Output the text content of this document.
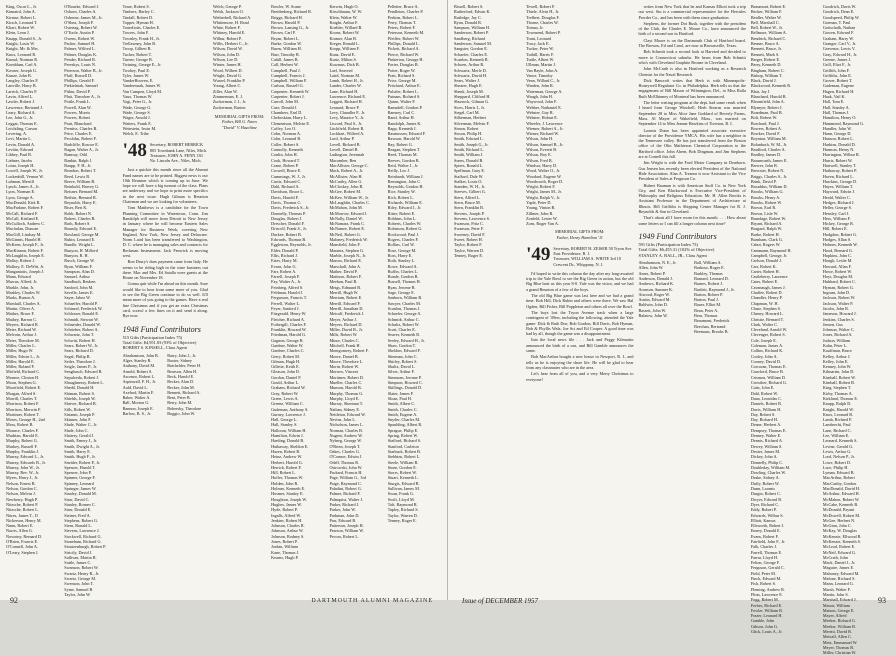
King, Oscar L., Jr.
Kinnaird, John A.
Kirmse, Robert L.
Kirsch, Leonard T.
Kliart, Robert W.
Klein, Leon J.
Knapp, Donald S., Jr.
Knight, Louis W.
Knight, Mr. & Mrs.
Knox, Leonard R.
Knoud, Norman R.
Kornblum, Carl A.
Kovner, Joseph G.
Kunze, John B.
Langley, Charles F.
Lanville, Harry B.
Larrick, Charles F.
Lavin, Alfred L.
Lawler, Robert J.
Lawrence, Bertrand J.
Leary, Richard A.
Lee, John G., Jr.
Leggat, Thomas E.
Leichtling, Carson
Levering, A.
Levi, Martin L.
Levin, Donald A.
Levitin, Edward
Libbey, Paul B.
Liebner, Jacobs
Lotan, Joseph H.
Lowell, Joseph W., Jr.
Luckenbill, Vernon W.
Luhman, Merrill
Lynch, James A., Jr.
Lyon, Norman E.
Lyon, George A.
MacDonald, Kirk R.
MacFarlane, Robert F.
McCall, Richard F.
McCall, Kirtland E.
McCulloch, Andrew C.
Macfarlan, Duncan
MacGill, Lindsay M.
McGinnis, Harold H.
McKeen, Joseph F., Jr.
MacKinnon, Robert F.
McLaughlin, Joseph E.
Malloy, Robert J.
Mallory, E. DeWitt, Jr.
Manganiotis, Joseph J.
Mann, Edward
Marcus, Alfred, Jr.
Markle, John, Jr.
Markley, Charles W.
Marks, Burton A.
Marshall, Charles A.
Martin, Oliver A.
Mathes, Bruce F.
Mathey, Barron C.
Meyers, Richard R.
Meier, Richard W.
Melvoin, Arthur J.
Meter, Theodore M.
Miller, Charles L.
Miller, Hugo W.
Miller, Edwin L., Jr.
Miller, Harold E.
Miller, Roland F.
Mirfield, Richard C.
Monroe, Clinton H.
Moon, Stephen G.
Moorfield, Robert E.
Morgan, Alfred S.
Morrill, Charles T.
Morrison, Robert F.
Morrison, Merwin F.
Mortimer, Robert T.
Moses, George H., 2nd
Moss, Robert B.
Mounce, Charles F.
Mudrian, Harold E.
Murphy, Robert G.
Murkey, Russell F.
Murphy, Franklin J.
Murray, Edward L., Jr.
Murray, Edwards B., Jr.
Murray, John W., Jr.
Murray, Rev. W., Jr.
Myers, Harry J., Jr.
Nelson, Ernest B.
Nelson, Gordon C.
Nelson, Melvin J.
Newberry, Hugh P.
Nitzsche, Robert P.
Nitzsche, Robert L.
Nitres, James T., II
Nickerson, Henry M.
Nunn, Robert E.
Norris, Allen G.
Nowotny, Bernard D.
O'Brien, Francis E.
O'Connell, John A.
O'Leary, Stephen J.
O'Rourke, Edward J.
Osborn, Charles A.
Osborne, James M., Jr.
O'Shea, Joseph F.
Ostertag, Robert W.
O'Toole, Austin P.
Owens, Robert W.
Packer, Samuel H.
Palmer, Wilfred L.
Palmer, Douglas K.
Pender, Richard R.
Pereskys, Louis N.
Peterson, Walter B., Jr.
Pfaff, Russell D.
Phillips, Gerald F.
Piekielniak, Samuel
Pitkin, David P.
Platt, Theodore A., Jr.
Pottle, Frank L.
Powell, Alan W.
Powers, Morris
Powers, Robert
Pratt, Blanchard
Prentiss, Charles B.
Price, Charles E.
Pecoldas, Robert F.
Radcliffe, Roscoe E.
Ragan, Walter A., Jr.
Ramsay, Odd
Rankin, Ralph J.
Raupp, F. H., Jr.
Reardon, Robert T.
Reed, Lewis B.
Reeve, William B.
Reinhold, Harvey G.
Reisner, Bernard M.
Reifsin, Bernard R.
Reynolds, Harry E.
Riser, Bert K.
Robb, Robert N.
Robert, Charles B.
Roth, Robert S.
Roundy, Edward E.
Rowland, George M.
Rubin, Leonard E.
Rundle, Wright L.
Runyon, H. Milford
Runyon, R. H.
Rusch, George W.
Ryan, William F.
Sampson, Alan D.
Samuel, Arthur
Sandbach, Reuben
Sanford, John M.
Savelle, James E.
Sayer, Jabez W.
Schaeffer, Harold P.
Schinzel, Frederick W.
Schlosser, Ronald E.
Schmidt, Stewart W.
Schneider, Donald W.
Schrieber, Robert A.
Schwartz, John T.
Schwitt, Robert H.
Sears, Robert W., Jr.
Sears, Richard D.
Segal, Philip B.
Seiler, Theodore J.
Seigle, James P., Jr.
Sengbusch, Edward B.
Sepulveda, Robert J.
Shaughnessy, Robert L.
Shedd, Donald H.
Shiman, Robert S.
Shields, Joseph W.
Shriver, Richard B.
Sills, Robert W.
Sirianni, Joseph P.
Skinner, John F.
Slade, Walter C., Jr.
Slade, John C.
Slattery, Gerald J.
Smith, Emery J., Jr.
Smith, Dwight A., Jr.
Smith, Harry E.
Smith, Hugh F., Jr.
Sneider, Robert P., Jr.
Spencer, Harold T.
Spencer, John P.
Spinner, George F.
Spinney, Leonard
Springer, James W.
Stanley, Donald M.
Starr, David C.
Stanley, Romeo C.
Starr, Donald E.
Steiner, Fred A.
Stephens, Robert G.
Stern, Ronald L.
Stevens, Lawrence J.
Stockwell, Richard G.
Stoneham, Richard G.
Stoutzenburgh, Robert P.
Strictly, David J.
Sullivan, Martin B.
Suttle, James C.
Swanson, Robert W.
Swartz, Henry R., Jr.
Swartz, George M.
Swenson, John T.
Syme, Samuel B.
Taylor, John W.
Teare, Robert S.
Timbers, Harley C.
Tindall, Robert D.
Topper, Hyman H.
Toureliotis, Charles E.
Towers, John F.
Townley, Frank H., Jr.
Trellawney, John B.
Troop, Gilbert B.
Tucker, Robert T.
Turner, George B.
Twining, George E., Jr.
Twohey, Paul E.
Tyler, James W.
VanderHooven, E.
Vandermark, James W.
Van Campen, Lloyd M.
Vaux, Thomas W.
Vogt, Peter G., Jr.
Wade, George G.
Wade, George S.
Wager, Arnold J.
Watters, Frank E.
Weinstein, Irwin M.
Welch, E. Trihe
'48 Secretary, ROBERT HERRICK 805 Townbank Lane, Niles, Mich.
Treasurer, JOHN A. FENN 130 No. Lincoln Ave., Niles, Mich.

Just a quickie this month since all the Alumni Fund names are to be printed. Biggest news is our 10th Reunion which is coming up in June. We hope we will have a big turnout of the class. Plans are underway and we hope to print more specifics in the next issue. Hugh Gilman is Reunion Chairman and we are looking for volunteers.

Tom Matthews is a candidate for the Town Planning Committee in Watertown, Conn. Jim Randolph will move from Detroit to New Jersey in January where he will become Eastern Sales Manager for Business Week, covering New England, New York, New Jersey and Delaware. Norm Laird has been transferred to Washington, D. C. where he is managing sales and contracts for Beckman Instruments. Jack Fenwick is moving west.

Ron Drury's dues payment came from Italy. He seems to be riding high in the wine business out there. Mac and Mrs. Ed Satalla were guests at the House on November 18.

Gonna quit while I'm ahead on this month. Sure would like to hear from some more of you. Glad to see the Big Green continue to do so well. It'll mean more of you going to the games. Have a real fine Christmas and if you get an extra Christmas card, scrawl a few lines on it and send it along. Bye now.

1948 Fund Contributors
515 Gifts (Participation Index 75)
Total Gifts: $4,951.83 (93% of Objective)
ROBERT S. KINSELL, Class Agent
Abrahamson, John B.
Alger, Stanley R.
Anthony, David M.
Arnold, Robert S.
Ascenzo, Robert L.
Aspinwall, F. H., Jr.
Auld, David L.
Axelrod, Martin F.
Baker, Walter A.
Ball, Morton G.
Bannon, Joseph E.
Barlow, B. S., Jr.
Barry, John J., Jr.
Baxter, Sidney
Batchelder, Peter H.
Bearson, Allen H.
Beck, Harold E.
Becker, Alan D.
Becker, John M.
Bennett, Richard A.
Bent, Peter B.
Berry, John M.
Bobersky, Theodore
Boggio, John W.
Welch, George P.
Welsh, Jackson O.
Wetherbell, Richard A.
Whittemore, H. Read
White, Robert F.
Whitney, Harold E.
Wilbur, Robert P.
Willis, Herbert C., Jr.
Wilson, David W.
Wilson, John D.
Wilson, Lee D.
Winter, James H.
Wood, Wilbert D.
Wright, David G.
Wurzel, Franklin P.
Young, Albert C.
Ziller, Alan W.
Zimmerman, E. J.
Zuckerman, J. J., Jr.
Zuckerman, Barton
MEMORIAL GIFTS FROM:
Father, Bill G. Nares
"David" V. Hazeltine
Bowler, W. Scane
Breidenberg, Richard R.
Briggs, Richard H.
Brown, Harold P.
Brown, Lansing G., Jr.
Brown, Carl F.
Bryan, Robert L.
Burke, Gordon W.
Burns, William H.
Burr, Timothy R.
Cahill, James B.
Call, Herbert W.
Campbell, Paul J.
Campbell, Francis J.
Campbell, William F.
Carlson, Russell G.
Carpenter, Kenneth W.
Carpenter, Robert J.
Carroll, John M.
Case, Donald J.
Chambers, Earl D.
Cheboskian, Harry L.
Clementson, Melvin E.
Coffey, Leo O.
Cohn, Norman A.
Cohn, Leonard B.
Coller, Robert S.
Connolly, Kenneth
Conlin, John H.
Cook, Howard T.
Crane, Robert P.
Crowell, Bruce E.
Cummings, W. J., Jr.
Curtis, Edward C.
Dahl, Richard A.
Davidson, Bruce L.
Davis, Harold F.
Davis, Thomas C.
Davis, Frederick S., Jr.
Donnelly, Thomas P.
Douglas, Robert J.
Drescher, Donald F.
Driscoll, Frank S., Jr.
Durkee, Robert B.
Edwards, Thomas B.
Eggleston, Reynolds, Jr.
Elder, Donald P.
Ellis, Richard J.
Estes, Harry M.
Evans, John G.
Farr, Robert A.
Farrell, Joseph F.
Fay, Walter A., Jr.
Feinberg, Alfred S.
Feldman, Harold J.
Fergusson, Francis T.
Ferrell, Walter L.
Feyer, Sanford J.
Fitzgerald, Henry W.
Fletcher, Richard A.
Fothergill, Charles F.
Franklin, Howard W.
Friedman, Harold G.
Gagnon, George B.
Gardner, Walter W.
Gardner, Charles C.
Gerry, Robert M.
Gilman, Hugh H.
Gillette, Keith E.
Gleason, John D.
Gordon, Daniel P.
Gould, Arthur L.
Graham, Richard W.
Gray, Robert W.
Green, Lewis A.
Greene, William C.
Gudeman, Anthony S.
Gurney, Lawrence J.
Hall, George L.
Hall, Stanley S.
Halloran, William H.
Hamilton, Edwin J.
Harding, Donald B.
Hathaway, Sheldon E.
Hazen, Robert B.
Heinz, Andrew W.
Herbert, Harold G.
Herrick, Robert F.
Hill, Robert L.
Hoffer, Thomas W.
Holden, John R.
Holmes, Kenneth E.
Hosmer, Stanley E.
Houghton, Joseph W.
Hughes, James W.
Hyde, Robert P.
Ingalls, Alfred W.
Jenkins, Robert H.
Johnson, Charles R.
Johnson, Arthur W.
Johnson, Rodney S.
Jones, Robert P.
Jordan, William
Kane, Thomas J.
Kearns, Hugh P.
Kerwin, Hugh O.
Kirschbaum, W. W.
Klein, Walter W.
Knight, Arthur F.
Koehler, Willard B.
Koons, Robert W.
Kramer, Alan B.
Kreger, Ronald L.
Kropp, William F.
Kunz, David E.
Kurtz, Milton S.
Kuwmus, Dick B.
Lael, Seaverd
Laird, Norman M.
Lamb, Robert H., Jr.
Lander, Charles W.
Lane, Richard H.
Lawrence, Richard E.
Leggett, Richard H.
Leonard, Bruce P.
Levy, Chandler F., Jr.
Levy, Maurice Y., Jr.
Liscord, Paul S., Jr.
Litchfield, Robert R.
Lockhart, Wilfred A.
Lord, Arthur P.
Lovell, Richard B.
Lovell, Daniel B.
Ludington, Jeremiah
Macomber, Ben
MacAllister, George C.
Mack, Robert A., Jr.
McAllister, Alan H.
McCarthy, Allen G.
McCloskey, John B.
McGee, Robert M.
McKee, William W., Jr.
McLaughlin, Charles C.
McMahon, John M.
McMorrow, Edward J.
McNally, Daniel W.
McNamara, Frank C.
McNamee, Robert E.
McNeil, Robert G.
Maloney, Frederick W.
Mansfield, John F.
Marantz, Stephen G.
Marble, Joseph N., Jr.
Marcus, Richard E.
Marschall, John A.
Mather, David P.
Mattison, Robert F.
Meehan, Paul R.
Meigs, Edmund B.
Merrill, Hugh W.
Merriam, Robert E.
Merrill, Edward F.
Merrill, Jonathan D.
Metcalf, Frederick J.
Meyer, Arthur J.
Meyers, Richard D.
Miller, David R., Jr.
Mills, Robert W.
Minor, Charles C.
Mitchell, Frank H.
Montgomery, Robert F.
Moore, Daniel B.
Moore, Theodore L.
Morin, Robert W.
Morrow, Vincent
Mortimer, Robert D.
Mueller, Charles C.
Munson, Harold B.
Murphy, Thomas G.
Murphy, Lloyd E.
Murray, Sherman T.
Nathan, Sidney E.
Nettleton, Edward W.
Nevins, John L.
Nicholson, James L.
Norman, Charles B.
Nugent, Andrew W.
Nyberg, George W.
O'Brien, Joseph T.
Oakes, Charles G.
O'Connor, Edwin J.
Odell, Thomas R.
Ostrowski, John W.
Packard, Francis H.
Page, William G., 3rd
Paige, Raymond C.
Paladini, Robert G.
Palmer, Richard F.
Palmquist, Walter J.
Parker, Richard J.
Parker, John W.
Parkman, John D.
Parr, Edward B.
Patterson, Joseph H.
Pearson, William W.
Pecora, Robert L.
Pelletier, Bruce A.
Pendleton, Charles P.
Perkins, Robert L.
Perry, Thomas T.
Peters, Robert F.
Peterson, Kenneth M.
Pfeiffer, Robert W.
Phillips, Donald L.
Pickett, Richard A.
Pierce, Richard W.
Pinkerton, George H.
Porter, Douglas B.
Potter, Roger W.
Pratt, Richard S.
Price, George M.
Pritchard, Arthur E.
Pulsifer, Robert L.
Putnam, Richard S.
Quinn, Walter F.
Ramsdell, Gordon P.
Ramsey, Carl C.
Rand, Arthur H.
Randolph, James K.
Rapp, Kenneth J.
Rasmussen, Edward F.
Rawson, Harold W.
Ray, Robert G.
Reagan, Stephen T.
Reed, Thomas M.
Reeves, Gordon B.
Reid, Walter J., Jr.
Reilly, Leo J.
Reinhardt, William J.
Remington, John C.
Reynolds, Gordon H.
Rice, Stanley W.
Rich, Robert L.
Richards, William E.
Riley, Edward J., Jr.
Ritter, Robert E.
Robbins, John L.
Roberts, Charles W.
Robinson, Robert G.
Rockwood, Paul J.
Rogers, Charles F.
Rollins, Carl W.
Rose, George M.
Ross, Harry E.
Roth, Stanley L.
Rowe, Edward A.
Ruffin, Charles L.
Runde, Gordon B.
Russell, Thomas H.
Ryan, Jerome B.
Sage, George E.
Sanborn, William B.
Sawyer, Charles M.
Scanlon, Thomas J.
Schaefer, George A.
Schmidt, Arthur C.
Schultz, Robert W.
Scott, Charles E.
Seaver, Kenneth R.
Seeley, Edward H., Jr.
Shaw, Gordon T.
Sheldon, Edward F.
Sherman, John C.
Shirley, Robert S.
Shultz, David L.
Silver, Arthur F.
Simmons, Jerome P.
Simpson, Howard C.
Skillings, Donald D.
Slater, James F.
Sloan, Paul H.
Smith, Albert C.
Smith, Charles C.
Smith, Eugene A.
Snyder, Charles M.
Spaulding, Albert R.
Sprague, Philip E.
Spring, Robert W.
Stafford, Richard S.
Stanford, Carleton
Starbuck, Robert B.
Stebbins, Robert L.
Steele, William R.
Stone, Gordon E.
Storrs, Robert W.
Stuart, Kenneth L.
Sturgis, Edward B.
Sullivan, James M.
Swan, Frank G.
Swift, Lloyd M.
Taft, Raymond R.
Tapley, Richard S.
Taylor, Warren D.
Tenney, Roger E.
92	DARTMOUTH ALUMNI MAGAZINE
Bissell, Robert S.
Rutherford, Edwin K.
Rutledge, Jay C.
Ryan, Donald R.
Sampson, William H.
Sanderson, Robert P.
Sandberg, Richard
Sanderson, Samuel M.
Sangster, Gordon E.
Schaefer, Charles E.
Scanlon, Kenneth R.
Schoen, Arthur R.
Schwartz, Merle D.
Schwartz, David H.
Sears, Walter J.
Shearer, Hugh E.
Shenk, Joseph M.
Sheppard, Clifford H.
Shurrock, Gilman G.
Sices, Harris I., Jr.
Siegel, Carl M.
Silberman, Herbert
Silverman, Melvin F.
Simon, Robert
Sisson, Philip H.
Smith, Edward L.
Smith, Joseph G., Jr.
Smith, Richard L.
Smith, William J.
Sones, Donald B.
Spiers, Ronald L.
Spellman, Gary E.
Stafford, Dale W.
Stalker, Louis O.
Standen, W. H., Jr.
Steeves, Gilbert G.
Stern, Alfred L.
Stern, Bruce M.
Stern, Franklin B.
Stevens, Joseph P.
Stevens, Lawrence S.
Swanson, Fritz C.
Swanson, Peter F.
Sweeney, David F.
Sweet, Robert H.
Taylor, Robert F.
Taylor, Warren D.
Tenney, Roger E.
Tewell, Robert F.
Thiele, Alvin H., Jr.
Trelbert, Douglas F.
Thorne, Charles W.
Tomao, Jr.
Townsend, Robert P.
Trant, Leonard
Tracy, Jack E.
Tucker, Peter W.
Tuthill, Harris F.
Tuttle, Albert W.
Ullman, Martin J.
Van Bayle, John A.
Vance, Timothy
Venn, Willard C., Jr.
Warden, John R.
Waterman, George A.
Waugh, John H.
Waywood, John F.
Webber, Nathaniel E.
Webster, Guy R.
Webster, Hobart E.
Wheeler, J. Lawrence
Wiemer, Robert A., Jr.
Wiener, Richard W.
Wilson, John H.
Wilson, Samuel B., Jr.
Wilson, Everett B.
Wilson, Roy E.
Wilson, Fred B.
Windsor, Harry D.
Wood, Walter O., Jr.
Woodard, Eugene W.
Woodworth, Roger D.
Wright, Robert F.
Wright, James M., Jr.
Wright, Ralph V., Jr.
Yaple, Peter D.
Young, Vinton R.
Zillmer, John R.
Zonfeld, Lester W.
Zorn, Roger Van A.
MEMORIAL GIFTS FROM:
Father, Henry Hamilton '11
'49 Secretary, ROBERT H. ZEISER 50 Tryon Ave. East Providence, R. I.
Treasurer, WILLIAM A. WHITE 3rd 10 Crescent Dr., Whippany, N. J.

I'd hoped to write this column the day after my long-awaited trip to the Yale Bowl to see the Big Green in action, but the old Big Blue beat us this year 8-0. Yale was the victor, and we had a grand Reunion of a few of the boys.

The old Big Blue game was last here and we had a grand time. Bob Hill, Dick Rubin and others were there. We saw Hal Ogden, Bill Fisher, Bill Poppleton and others all over the Bowl.

The boys lost the Tryon Avenue track when a large contingent of '49ers, including the following, attended the Yale game: Dick & Ruth Doe, Bob Gordon, Bill Davis, Bob Hyman, Bob & Phyllis Walz, Joe Sci and Ed Cooper. A good time was had by all, though the game was a disappointment.

Into the local news file . . . Jack and Peggy Kilmartin announced the birth of a son, and Bill Gamble announces the same.

Bob MacArthur bought a new house in Newport, R. I., and tells us he is enjoying the shore life. He will be glad to hear from any classmates who are in the area.

Let's hear from all of you, and a very Merry Christmas to everyone!

writes from New York that he and Kansas Elliott took a trip out west. Stu is a commercial representative for the Hercules Powder Co., and has been with them since graduation.

Stephens, the former Dot Bush, together with the president of the Club, the Charles E. Moore Co., have announced the birth of a second son in Hartford.

Clayt Moore is on the Dartmouth Club of Hartford board. The Browns, Ed and Carol, are now at Brownsville, Texas.

Bob Schmitt took a second look at Harvard and decided to move to Connecticut suburbs. He hears from Bob Schmitt who's with Cleveland Graphite Bronze in Cleveland.

John McCrath is also in Hartford working as a Research Chemist for the Naval Research.

Dick Bancroft writes that Herb is with Minneapolis-Honeywell Regulator Co. in Philadelphia. Herb tells us that the engagement of Bill Mason of Wilmington, Del., to Miss Ralla Ruth McElhinney of Montreal has been announced.

The letter writing program at the dept. had some result when I heard from George Winchell. Herb Stearns was married September 28 to Miss Alice Jane Goddard of Beverly Farms, Mass. Al Mayer of Wakefield, Mass., was married on September 14 to Miss Jeanne Hawkins of Tiverton, R. I.

Loomis Dunn has been appointed associate executive director of the Providence YMCA. His wife has a neighbor in the Tennessee valley. He has just transferred from the Boston office of the Olin Mathieson Chemical Corporation to the Hartford office. John Ahern, Bob Dingman, and Jim Stephens are at Cornell this fall.

Jim Wright is with the Ford Motor Company in Dearborn. Gus Jensen has recently been elected President of the National Hide Association. Alan A. Treanor is now Assistant to the Vice President of Sales at Ferguson Co.

Hubert Bauman is with American Stuff Co. in New York City, and Ken Blackwood is Executive Vice-President of Philosophy and Religious Education. Mr. H. Allen Brooks is Assistant Professor in the Department of Architecture at Illinois. Bill Griffiths is Shipping Center Manager for R. J. Reynolds & Son in Cleveland.

That's about all I have room for this month. . . . How about some letters so I can fill a longer column next time?

1949 Fund Contributors
591 Gifts (Participation Index 73)
Total Gifts: $6,455.31 (102% of Objective)
STANLEY A. BALL, JR., Class Agent
Abrahamson, N. E., Jr.
Allen, John W.
Ames, Robert P.
Anderson, Donald J.
Andrews, Richard K.
Aronson, Sumner K.
Atwood, Roger W.
Austin, Edward M.
Baldwin, John D.
Bassett, John W.
Balatow, John W.
Ball, William A.
Barbour, Roger E.
Barkley, Thomas
Barnard, Leonard D.
Barnes, Robert J.
Bartlett, Raymond J., Jr.
Barton, Robert P.
Barton, Paul J.
Bauer, Elliot M.
Bean, Peter A.
Bear, Thomas
Beaumont, Frederick
Beechan, Bertrand
Beemans, Brooks B.
Beaumont, Robert E.
Becker, William F.
Beidler, Walter W.
Bell, Marshall C.
Bell, Robert W., Jr.
Bellmore, William A.
Bendrick, Richard C.
Benner, Bruce A.
Bennett, Bruce, Jr.
Bennett, Mark S.
Berger, Robert E.
Berry, Kenneth D.
Bingham, Robert C.
Bishop, William T.
Black, David J.
Blackwood, Kenneth R.
Blair, Jay J.
Blanchard, Harold B.
Bloomfield, John A.
Blymyer, Robert J.
Boardman, Paul B.
Bolt, Robert W.
Borchard, Paul J.
Bowers, Robert A.
Bowker, David F.
Boynton, William M.
Bolanbach, W. M., Jr.
Bradford, Charles A.
Bradley, James D.
Braunwarth, James E.
Brewer, John B.
Brewster, Robert N.
Briggs, Charles S., Jr.
Brink, David P.
Broaddus, William D.
Brooks, William G.
Brooks, Henry A.
Brooks, Robert W.
Brown, Earl R.
Brown, Lisle W.
Brundage, Robert W.
Bryant, Richard A.
Burgard, Ralph W.
Burke, Robert H.
Burnham, Clark G.
Cabot, Rogers W.
Cammann, Raymond H.
Campbell, George, Jr.
Carlson, Donald J.
Carr, Robert K.
Carter, Robert H.
Castleberry, Laurence
Cates, Robert E.
Cavanaugh, James J.
Chaffee, Robert D.
Chandler, Henry P.
Chapman, W. H.
Chase, Stephen S.
Cheney, Howard L.
Christie, Bernard T.
Clark, Walter C.
Cleveland, Arnold W.
Clevenger, Robert S.
Cole, Joseph E.
Coleman, James A.
Collins, Richard K.
Cooley, John A.
Cooney, David D.
Corcoran, Thomas E.
Crawford, Bruce B.
Crismon, William D.
Crowther, Richard G.
Cutts, John E.
Dahl, Robert W.
Dana, Leonidas C.
Daniels, Robert B.
Davis, William H.
Day, Robert S.
Day, Richard H.
Deane, Herbert A.
Dempsey, Thomas E.
Denney, Walter E.
Dennis, Richard A.
Dewey, William S.
Dexter, James M.
Dickey, John A.
Donnelly, Philip C.
Doubleday, William M.
Dowling, Charles W.
Drake, Sidney A.
Duffy, Robert W.
Dunn, Loomis
Durgin, Robert C.
Dwyer, Edward B.
Dyer, Richard C.
Eddy, Robert P.
Edwards, Wilbur S.
Elliott, Kansas
Ellsworth, Robert J.
Emery, Donald E.
Evans, Robert F.
Fairfield, John F., Jr.
Falk, Charles J.
Farrell, Thomas E.
Farrar, Lloyd H.
Felton, George F.
Ferguson, Gerald C.
Field, Peter M.
Finch, Edward M.
Fish, Robert S.
Fleming, Andrew R.
Flinn, Lawrence E.
Fogg, Robert M.
Forbes, Richard E.
Fowler, William B.
Frazer, Leonard H.
Gamble, John
Gibson, John G.
Glick, Louis A., Jr.
Goodrich, Davis W.
Goodrich, Dean E.
Goodspeed, Philip W.
Gorman, T. Paul
Gottschalk, Nathan
Gowen, Edward F.
Graham, Harry W.
Granger, Carl V., Jr.
Gravenor, Lewis V.
Gray, Edward H., Jr.
Greene, James J.
Grill, Eliot F., Jr.
Griffith, John F.
Griffiths, John E.
Grover, Robert T.
Gudeman, Eugene
Hagen, Richard H.
Haak, Vail K.
Hall, Tom E.
Hall, Stanley A.
Hall, Thomas J.
Hamilton, Henry O.
Hammond, Raymond G.
Handler, John W.
Hann, George D.
Hanson, Robert L.
Harkins, Donald D.
Harmon, Henry N.
Harrington, Wilbur R.
Harris, Robert W.
Hartwell, Stanley T.
Hathaway, Robert P.
Haven, Richard L.
Hawkins, George D.
Hayes, William T.
Hayward, Edwin J.
Heald, Walter C.
Hedges, Richard J.
Heller, George S.
Hensley, Carl J.
Hess, William F.
Hickey, George R.
Hill, Robert E.
Hodgdon, Robert G.
Hodges, Allan S.
Holmes, Kenneth W.
Hood, Bernard G.
Hopkins, John C.
Hough, Leslie M.
Howard, Allan F.
Howe, Robert W.
Hoyt, Douglas M.
Hubbard, Robert C.
Hyman, Robert G.
Ingram, John D.
Jackson, Robert W.
Jackson, Walter P.
Jacobs, John R.
Jameson, Howard J.
Jenkins, Charles S.
Jensen, Gus
Johnson, Walter C.
Jones, Richard A.
Judson, William
Kahn, Peter L.
Kauffman, Bruce
Kelley, Arthur J.
Kelley, John E.
Kenney, John W.
Kilmartin, John D.
Kimball, Robert W.
Kimball, Robert B.
King, Stephen T.
Kirby, Thomas A.
Kirkland, Thomas E.
Knapp, Ralph D.
Knight, Harold W.
Knox, Leonard B.
Lamb, Richard P.
Lambrecht, Paul
Lane, Richard C.
Lee, William E.
Leonard, Kenneth S.
Levine, Gerald G.
Lewis, Arthur G.
Lord, Nelson P., Jr.
Lowe, Robert D.
Luce, Philip H.
Lyman, Edward B.
MacArthur, Robert
MacCarthy, Gordon
MacDonald, David H.
McArthur, Edward H.
McMahon, Robert W.
McCabe, Kenneth B.
McDonald, Bryant
McDowell, Robert M.
McGee, Herbert N.
McGinn, John C.
McKay, W. Douglas
McKenzie, Ellwood B.
McKenzie, Kenneth S.
McLeod, Robert E.
McNeil, Edward G.
McCrath, John
Mack, Daniel J., Jr.
Maguire, James E.
Mahoney, Edward M.
Malone, Richard S.
Mann, Leonard G.
Marsh, Walter F.
Martin, John S.
Marshall, Edward J.
Mason, William
Matson, George E.
Mayer, Alfred
Meeker, Richard G.
Meeker, William B.
Merritt, David B.
Metcalf, Allen C.
Metz, Emmanuel W.
Meyer, Thomas B.
Miller, Christian W.
Issue of DECEMBER 1957	93
